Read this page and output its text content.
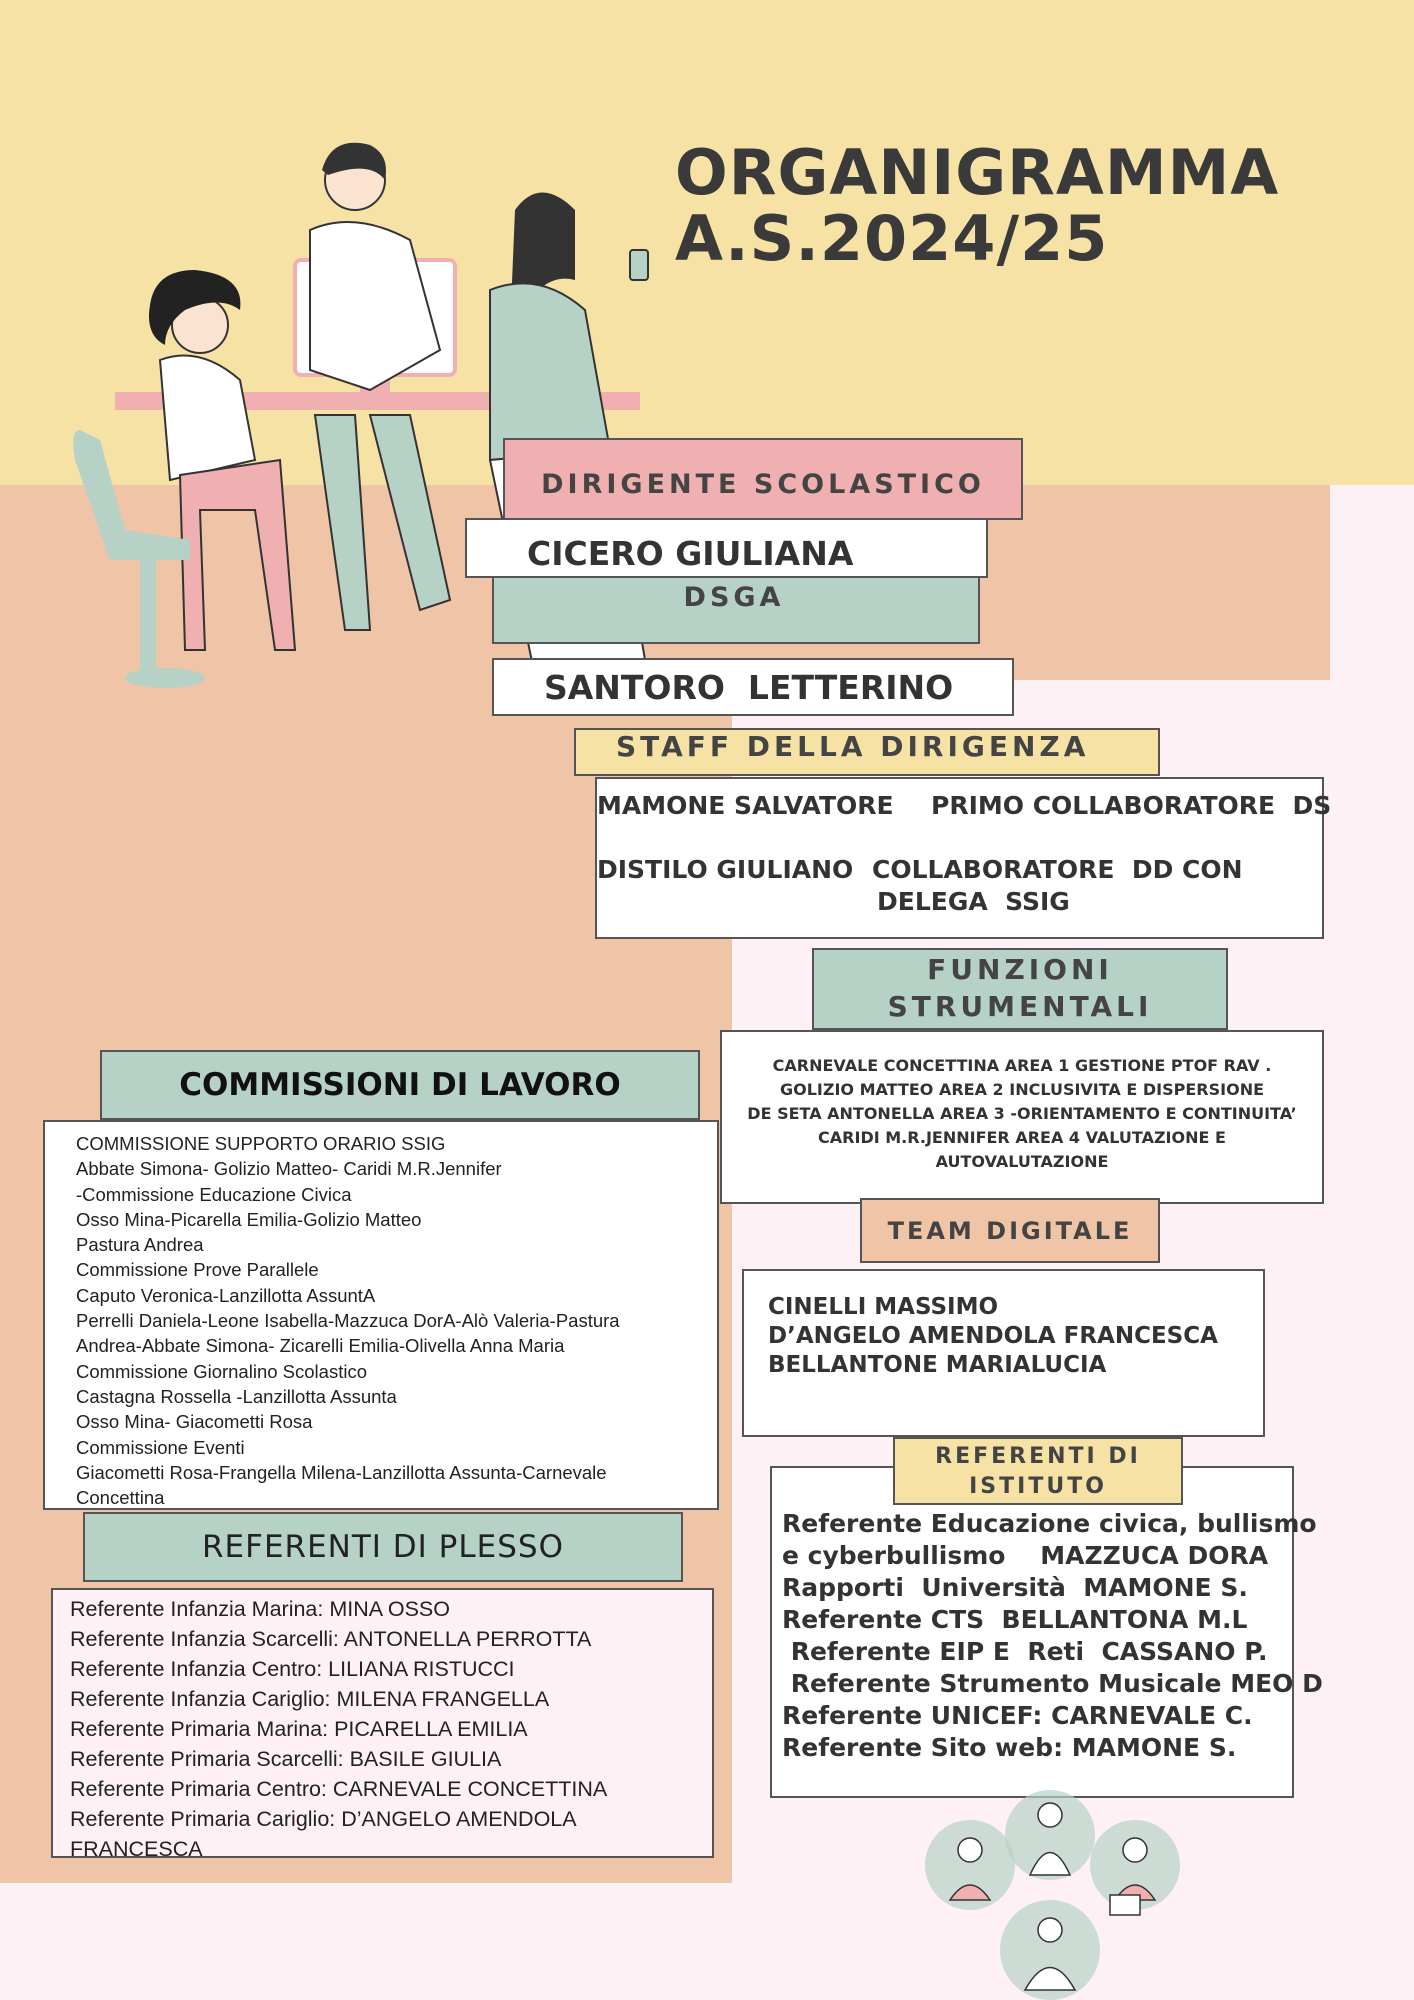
ORGANIGRAMMA
A.S.2024/25
DIRIGENTE SCOLASTICO
CICERO GIULIANA
DSGA
SANTORO  LETTERINO
STAFF DELLA DIRIGENZA
MAMONE SALVATORE PRIMO COLLABORATORE  DS
DISTILO GIULIANO COLLABORATORE  DD CON
DELEGA  SSIG
FUNZIONI
STRUMENTALI
CARNEVALE CONCETTINA AREA 1 GESTIONE PTOF RAV .
GOLIZIO MATTEO AREA 2 INCLUSIVITA E DISPERSIONE
DE SETA ANTONELLA AREA 3 -ORIENTAMENTO E CONTINUITA’
CARIDI M.R.JENNIFER AREA 4 VALUTAZIONE E
AUTOVALUTAZIONE
TEAM DIGITALE
CINELLI MASSIMO
D’ANGELO AMENDOLA FRANCESCA
BELLANTONE MARIALUCIA
Referente Educazione civica, bullismo
e cyberbullismo    MAZZUCA DORA
Rapporti  Università  MAMONE S.
Referente CTS  BELLANTONA M.L
Referente EIP E  Reti  CASSANO P.
Referente Strumento Musicale MEO D
Referente UNICEF: CARNEVALE C.
Referente Sito web: MAMONE S.
REFERENTI DI
ISTITUTO
COMMISSIONI DI LAVORO
COMMISSIONE SUPPORTO ORARIO SSIG
Abbate Simona- Golizio Matteo- Caridi M.R.Jennifer
-Commissione Educazione Civica
Osso Mina-Picarella Emilia-Golizio Matteo
Pastura Andrea
Commissione Prove Parallele
Caputo Veronica-Lanzillotta AssuntA
Perrelli Daniela-Leone Isabella-Mazzuca DorA-Alò Valeria-Pastura
Andrea-Abbate Simona- Zicarelli Emilia-Olivella Anna Maria
Commissione Giornalino Scolastico
Castagna Rossella -Lanzillotta Assunta
Osso Mina- Giacometti Rosa
Commissione Eventi
Giacometti Rosa-Frangella Milena-Lanzillotta Assunta-Carnevale
Concettina
REFERENTI DI PLESSO
Referente Infanzia Marina: MINA OSSO
Referente Infanzia Scarcelli: ANTONELLA PERROTTA
Referente Infanzia Centro: LILIANA RISTUCCI
Referente Infanzia Cariglio: MILENA FRANGELLA
Referente Primaria Marina: PICARELLA EMILIA
Referente Primaria Scarcelli: BASILE GIULIA
Referente Primaria Centro: CARNEVALE CONCETTINA
Referente Primaria Cariglio: D’ANGELO AMENDOLA
FRANCESCA
